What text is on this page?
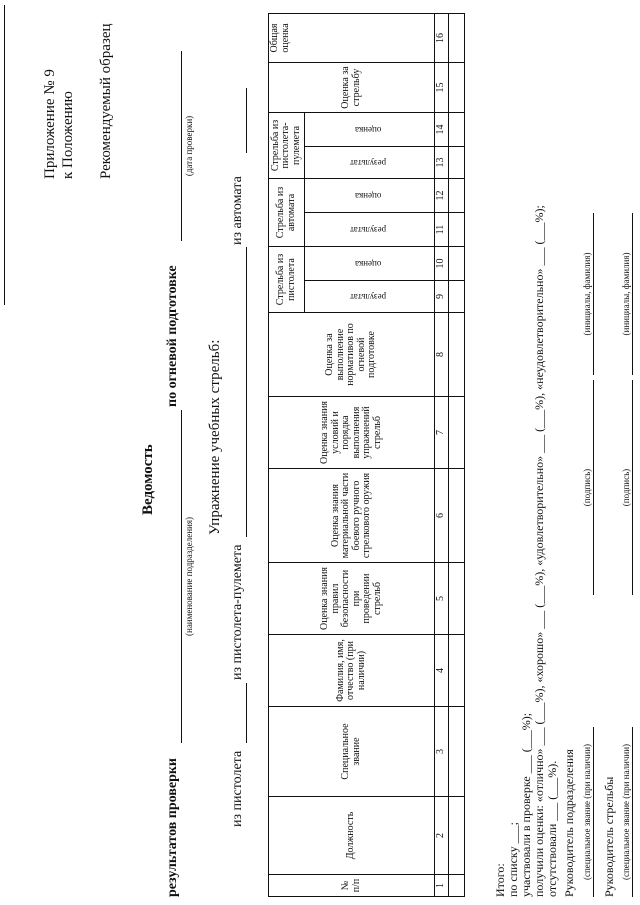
Приложение № 9 к Положению Рекомендуемый образец
Ведомость
результатов проверки
(наименование подразделения)
по огневой подготовке
(дата проверки)
Упражнение учебных стрельб:
из пистолета
из пистолета-пулемета
из автомата
№ п/п	Должность	Специальное звание	Фамилия, имя, отчество (при наличии)	Оценка знания правил безопасности при проведении стрельб	Оценка знания материальной части боевого ручного стрелкового оружия	Оценка знания условий и порядка выполнения упражнений стрельб	Оценка за выполнение нормативов по огневой подготовке	Стрельба из пистолета		Стрельба из автомата		Стрельба из пистолета-пулемета		Оценка за стрельбу	Общая оценка
								результат	оценка	результат	оценка	результат	оценка		
1	2	3	4	5	6	7	8	9	10	11	12	13	14	15	16

Итого: по списку ___; участвовали в проверке ___ (___%); получили оценки: «отлично» ___ (___%), «хорошо» ___ (___%), «удовлетворительно» ___ (___%), «неудовлетворительно» ___ (___%); отсутствовали ___ (___%). Руководитель подразделения (специальное звание (при наличии)
(подпись)
(инициалы, фамилия)
Руководитель стрельбы (специальное звание (при наличии)
(подпись)
(инициалы, фамилия)
